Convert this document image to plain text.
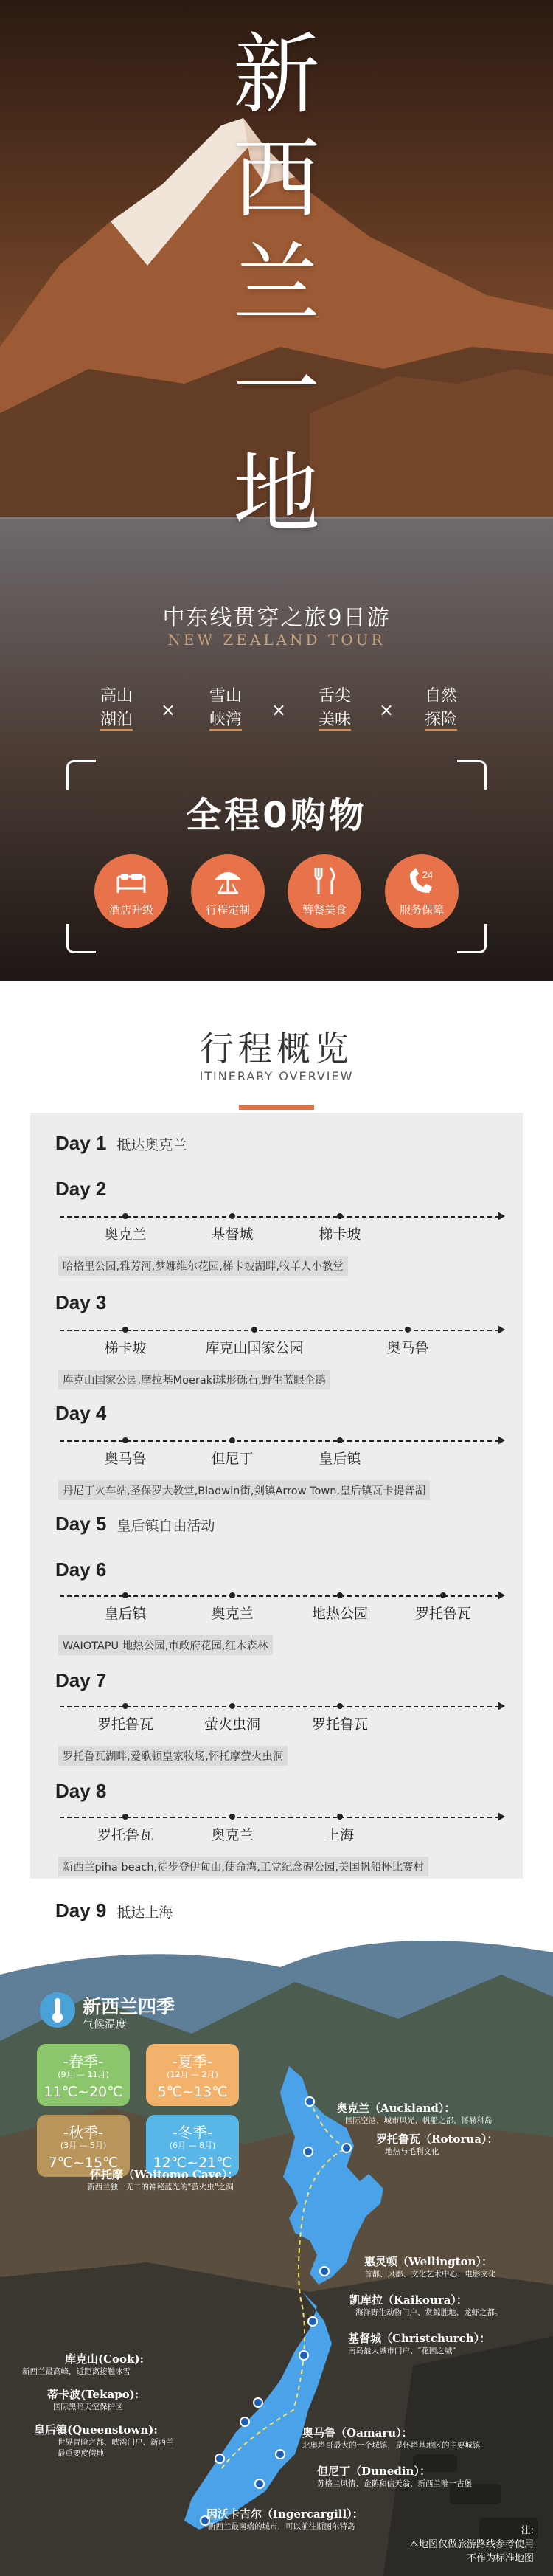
新
西
兰
一
地
中东线贯穿之旅9日游
NEW ZEALAND TOUR
高山
湖泊	×
雪山
峡湾	×
舌尖
美味	×
自然
探险
全程0购物
酒店升级	行程定制	簪餐美食
24
服务保障
行程概览
ITINERARY OVERVIEW
Day 1 抵达奥克兰
Day 2
奥克兰	基督城	梯卡坡
哈格里公园,雅芳河,梦娜维尔花园,梯卡坡湖畔,牧羊人小教堂
Day 3
梯卡坡	库克山国家公园	奥马鲁
库克山国家公园,摩拉基Moeraki球形砾石,野生蓝眼企鹅
Day 4
奥马鲁	但尼丁	皇后镇
丹尼丁火车站,圣保罗大教堂,Bladwin街,剑镇Arrow Town,皇后镇瓦卡提普湖
Day 5 皇后镇自由活动
Day 6
皇后镇	奥克兰	地热公园	罗托鲁瓦
WAIOTAPU 地热公园,市政府花园,红木森林
Day 7
罗托鲁瓦	萤火虫洞	罗托鲁瓦
罗托鲁瓦湖畔,爱歌顿皇家牧场,怀托摩萤火虫洞
Day 8
罗托鲁瓦	奥克兰	上海
新西兰piha beach,徒步登伊甸山,使命湾,工党纪念碑公园,美国帆船杯比赛村
Day 9 抵达上海
新西兰四季
气候温度
-春季-
(9月 — 11月)
11℃~20℃
-夏季-
(12月 — 2月)
5℃~13℃
-秋季-
(3月 — 5月)
7℃~15℃
-冬季-
(6月 — 8月)
12℃~21℃
奥克兰（Auckland）：
国际空港、城市风光、帆船之都、怀赫科岛
罗托鲁瓦（Rotorua）：
地热与毛利文化
怀托摩（Waitomo Cave）：
新西兰独一无二的神秘蓝光的"萤火虫"之洞
惠灵顿（Wellington）：
首都、风都、文化艺术中心、电影文化
凯库拉（Kaikoura）：
海洋野生动物门户、赏鲸胜地、龙虾之都。
基督城（Christchurch）：
南岛最大城市门户、"花园之城"
库克山(Cook):
新西兰最高峰，近距离接触冰雪
蒂卡波(Tekapo):
国际黑暗天空保护区
皇后镇(Queenstown):
世界冒险之都、峡湾门户、新西兰最重要度假地
奥马鲁（Oamaru）：
北奥塔哥最大的一个城镇，是怀塔基地区的主要城镇
但尼丁（Dunedin）：
苏格兰风情、企鹅和信天翁、新西兰唯一古堡
因沃卡吉尔（Ingercargill）：
新西兰最南端的城市，可以前往斯图尔特岛	注:
本地图仅做旅游路线参考使用
不作为标准地图
